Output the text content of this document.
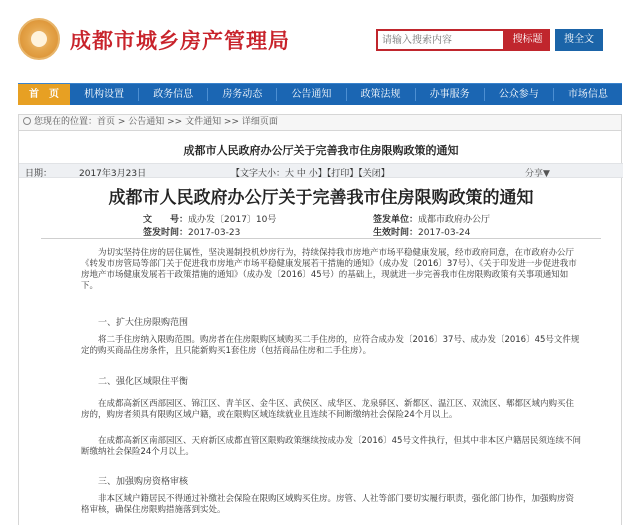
成都市城乡房产管理局
请输入搜索内容	搜标题	搜全文
首　页	机构设置	政务信息	房务动态	公告通知	政策法规	办事服务	公众参与	市场信息
您现在的位置：首页 > 公告通知 >> 文件通知 >> 详细页面
成都市人民政府办公厅关于完善我市住房限购政策的通知
日期：	2017年3月23日	【文字大小：大 中 小】【打印】【关闭】	分享▼
成都市人民政府办公厅关于完善我市住房限购政策的通知
文　　号：成办发〔2017〕10号	签发单位：成都市政府办公厅
签发时间：2017-03-23	生效时间：2017-03-24
为切实坚持住房的居住属性，坚决遏制投机炒房行为，持续保持我市房地产市场平稳健康发展，经市政府同意，在市政府办公厅《转发市房管局等部门关于促进我市房地产市场平稳健康发展若干措施的通知》（成办发〔2016〕37号）、《关于印发进一步促进我市房地产市场健康发展若干政策措施的通知》（成办发〔2016〕45号）的基础上，现就进一步完善我市住房限购政策有关事项通知如下。
一、扩大住房限购范围
将二手住房纳入限购范围。购房者在住房限购区域购买二手住房的，应符合成办发〔2016〕37号、成办发〔2016〕45号文件规定的购买商品住房条件，且只能新购买1套住房（包括商品住房和二手住房）。
二、强化区域限住平衡
在成都高新区西部园区、锦江区、青羊区、金牛区、武侯区、成华区、龙泉驿区、新都区、温江区、双流区、郫都区域内购买住房的，购房者须具有限购区域户籍，或在限购区域连续就业且连续不间断缴纳社会保险24个月以上。
在成都高新区南部园区、天府新区成都直管区限购政策继续按成办发〔2016〕45号文件执行，但其中非本区户籍居民须连续不间断缴纳社会保险24个月以上。
三、加强购房资格审核
非本区域户籍居民不得通过补缴社会保险在限购区域购买住房。房管、人社等部门要切实履行职责，强化部门协作，加强购房资格审核，确保住房限购措施落到实处。
